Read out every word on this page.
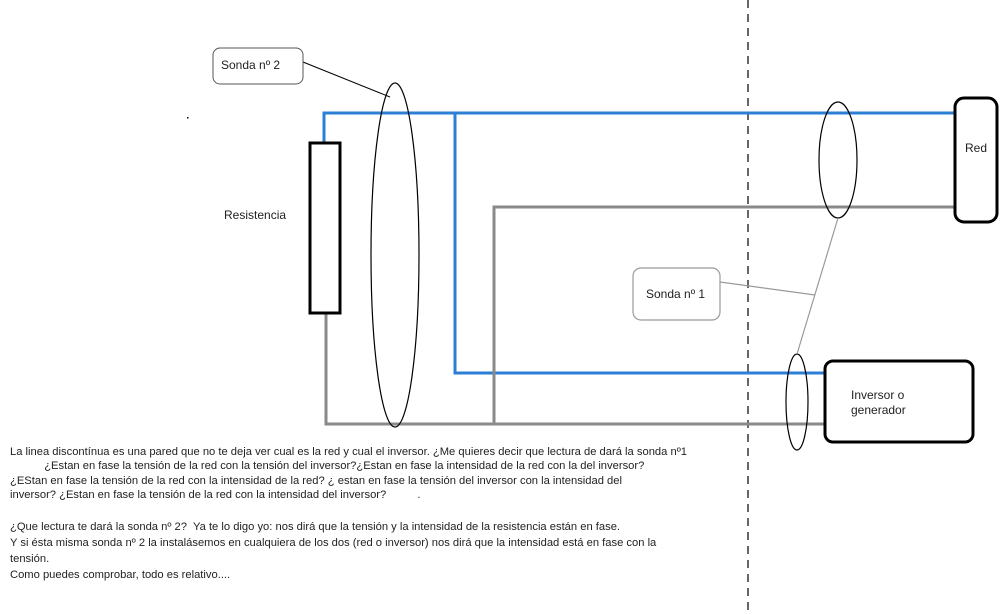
Sonda nº 2
Sonda nº 1
Resistencia
Red
Inversor o
generador
La linea discontínua es una pared que no te deja ver cual es la red y cual el inversor. ¿Me quieres decir que lectura de dará la sonda nº1
¿Estan en fase la tensión de la red con la tensión del inversor?¿Estan en fase la intensidad de la red con la del inversor?
¿EStan en fase la tensión de la red con la intensidad de la red? ¿ estan en fase la tensión del inversor con la intensidad del
inversor? ¿Estan en fase la tensión de la red con la intensidad del inversor?          .
¿Que lectura te dará la sonda nº 2?  Ya te lo digo yo: nos dirá que la tensión y la intensidad de la resistencia están en fase.
Y si ésta misma sonda nº 2 la instalásemos en cualquiera de los dos (red o inversor) nos dirá que la intensidad está en fase con la
tensión.
Como puedes comprobar, todo es relativo....
